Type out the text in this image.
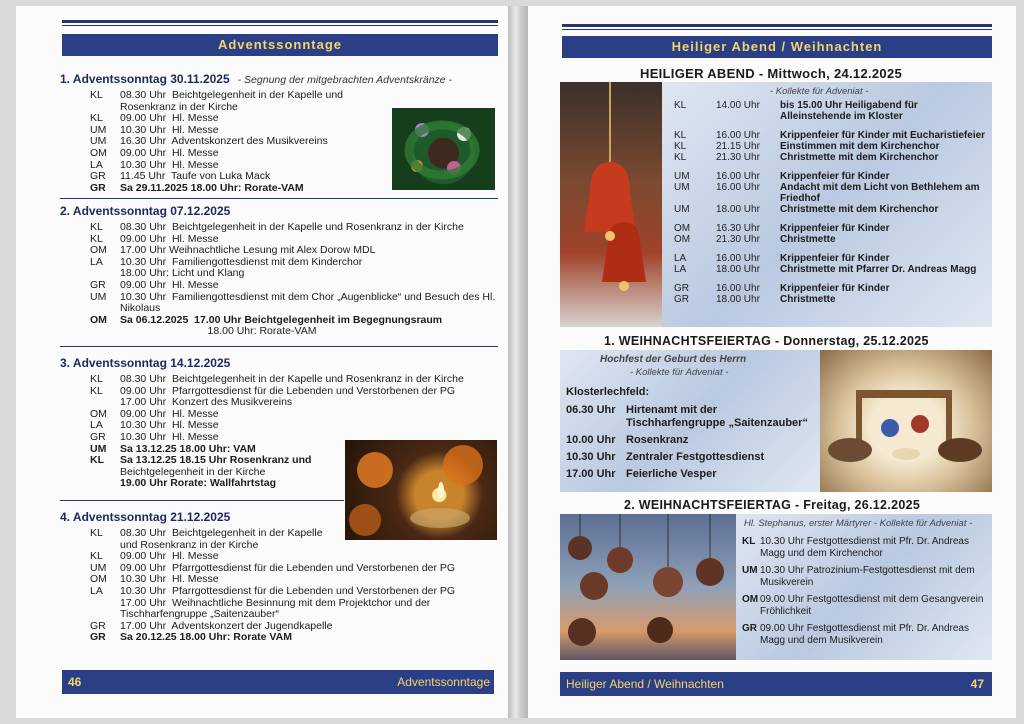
Adventssonntage
1. Adventssonntag 30.11.2025 - Segnung der mitgebrachten Adventskränze -
KL	08.30 Uhr  Beichtgelegenheit in der Kapelle und Rosenkranz in der Kirche
KL	09.00 Uhr  Hl. Messe
UM	10.30 Uhr  Hl. Messe
UM	16.30 Uhr  Adventskonzert des Musikvereins
OM	09.00 Uhr  Hl. Messe
LA	10.30 Uhr  Hl. Messe
GR	11.45 Uhr  Taufe von Luka Mack
GR	Sa 29.11.2025 18.00 Uhr: Rorate-VAM
2. Adventssonntag 07.12.2025
KL	08.30 Uhr  Beichtgelegenheit in der Kapelle und Rosenkranz in der Kirche
KL	09.00 Uhr  Hl. Messe
OM	17.00 Uhr Weihnachtliche Lesung mit Alex Dorow MDL
LA	10.30 Uhr  Familiengottesdienst mit dem Kinderchor
18.00 Uhr: Licht und Klang
GR	09.00 Uhr  Hl. Messe
UM	10.30 Uhr  Familiengottesdienst mit dem Chor „Augenblicke“ und Besuch des Hl. Nikolaus
OM	Sa 06.12.2025  17.00 Uhr Beichtgelegenheit im Begegnungsraum
18.00 Uhr: Rorate-VAM
3. Adventssonntag 14.12.2025
KL	08.30 Uhr  Beichtgelegenheit in der Kapelle und Rosenkranz in der Kirche
KL	09.00 Uhr  Pfarrgottesdienst für die Lebenden und Verstorbenen der PG
17.00 Uhr  Konzert des Musikvereins
OM	09.00 Uhr  Hl. Messe
LA	10.30 Uhr  Hl. Messe
GR	10.30 Uhr  Hl. Messe
UM	Sa 13.12.25 18.00 Uhr: VAM
KL	Sa 13.12.25 18.15 Uhr Rosenkranz und
Beichtgelegenheit in der Kirche
19.00 Uhr Rorate: Wallfahrtstag
4. Adventssonntag 21.12.2025
KL	08.30 Uhr  Beichtgelegenheit in der Kapelle
und Rosenkranz in der Kirche
KL	09.00 Uhr  Hl. Messe
UM	09.00 Uhr  Pfarrgottesdienst für die Lebenden und Verstorbenen der PG
OM	10.30 Uhr  Hl. Messe
LA	10.30 Uhr  Pfarrgottesdienst für die Lebenden und Verstorbenen der PG
17.00 Uhr  Weihnachtliche Besinnung mit dem Projektchor und der Tischharfengruppe „Saitenzauber“
GR	17.00 Uhr  Adventskonzert der Jugendkapelle
GR	Sa 20.12.25 18.00 Uhr: Rorate VAM
46	Adventssonntage
Heiliger Abend / Weihnachten
HEILIGER ABEND - Mittwoch, 24.12.2025
- Kollekte für Adveniat -
KL	14.00 Uhr	bis 15.00 Uhr Heiligabend für Alleinstehende im Kloster
KL	16.00 Uhr	Krippenfeier für Kinder mit Eucharistiefeier
KL	21.15 Uhr	Einstimmen mit dem Kirchenchor
KL	21.30 Uhr	Christmette mit dem Kirchenchor
UM	16.00 Uhr	Krippenfeier für Kinder
UM	16.00 Uhr	Andacht mit dem Licht von Bethlehem am Friedhof
UM	18.00 Uhr	Christmette mit dem Kirchenchor
OM	16.30 Uhr	Krippenfeier für Kinder
OM	21.30 Uhr	Christmette
LA	16.00 Uhr	Krippenfeier für Kinder
LA	18.00 Uhr	Christmette mit Pfarrer Dr. Andreas Magg
GR	16.00 Uhr	Krippenfeier für Kinder
GR	18.00 Uhr	Christmette
1. WEIHNACHTSFEIERTAG - Donnerstag, 25.12.2025
Hochfest der Geburt des Herrn
- Kollekte für Adveniat -
Klosterlechfeld:
06.30 Uhr Hirtenamt mit der Tischharfengruppe „Saitenzauber“
10.00 Uhr Rosenkranz
10.30 Uhr Zentraler Festgottesdienst
17.00 Uhr Feierliche Vesper
2. WEIHNACHTSFEIERTAG - Freitag, 26.12.2025
Hl. Stephanus, erster Märtyrer - Kollekte für Adveniat -
KL 10.30 Uhr Festgottesdienst mit Pfr. Dr. Andreas Magg und dem Kirchenchor
UM 10.30 Uhr Patrozinium-Festgottesdienst mit dem Musikverein
OM 09.00 Uhr Festgottesdienst mit dem Gesangverein Fröhlichkeit
GR 09.00 Uhr Festgottesdienst mit Pfr. Dr. Andreas Magg und dem Musikverein
Heiliger Abend / Weihnachten	47
